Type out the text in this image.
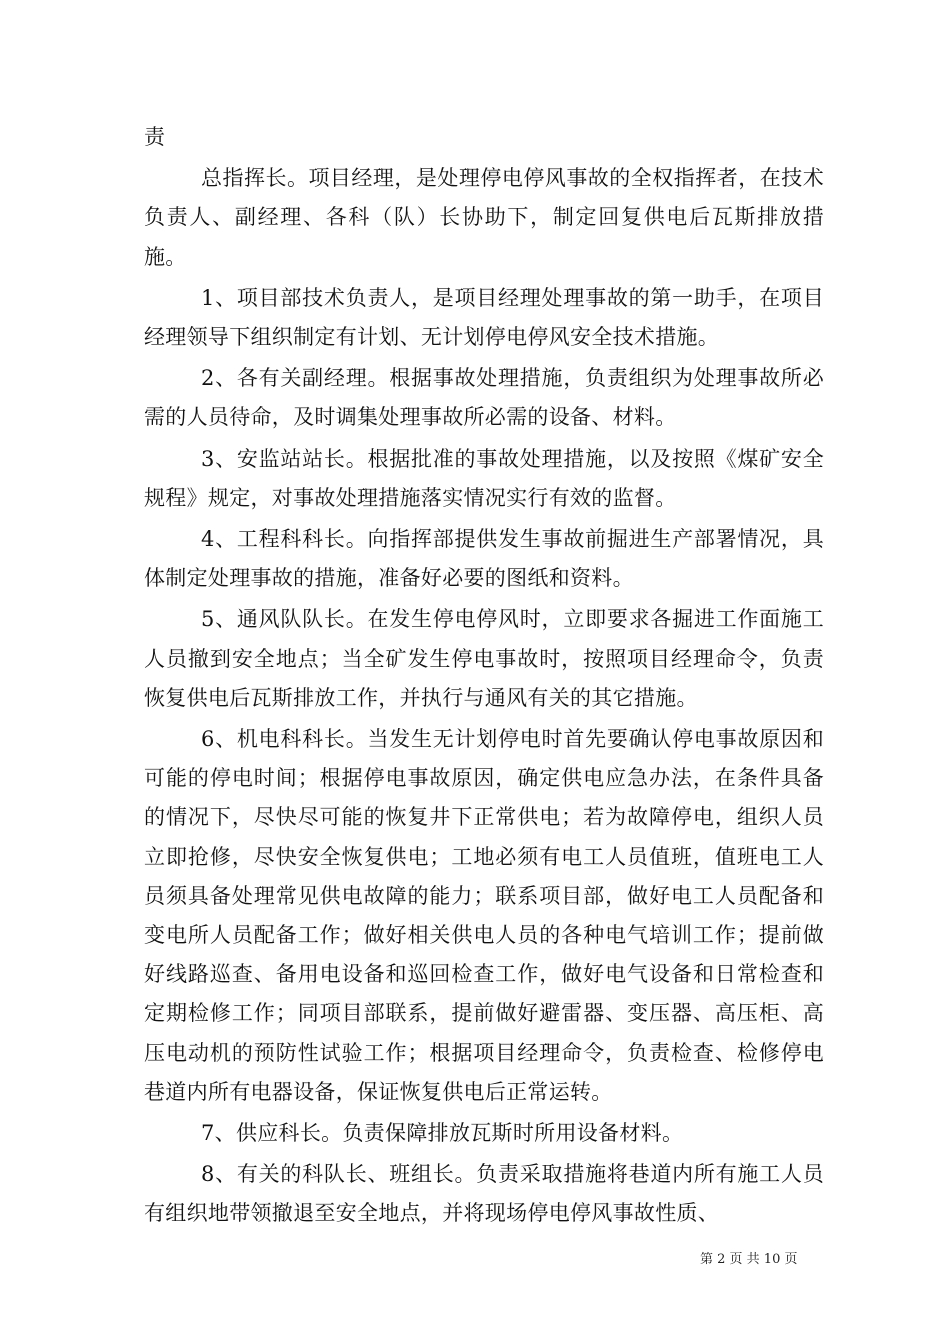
责

总指挥长。项目经理，是处理停电停风事故的全权指挥者，在技术负责人、副经理、各科（队）长协助下，制定回复供电后瓦斯排放措施。

1、项目部技术负责人，是项目经理处理事故的第一助手，在项目经理领导下组织制定有计划、无计划停电停风安全技术措施。

2、各有关副经理。根据事故处理措施，负责组织为处理事故所必需的人员待命，及时调集处理事故所必需的设备、材料。

3、安监站站长。根据批准的事故处理措施，以及按照《煤矿安全规程》规定，对事故处理措施落实情况实行有效的监督。

4、工程科科长。向指挥部提供发生事故前掘进生产部署情况，具体制定处理事故的措施，准备好必要的图纸和资料。

5、通风队队长。在发生停电停风时，立即要求各掘进工作面施工人员撤到安全地点；当全矿发生停电事故时，按照项目经理命令，负责恢复供电后瓦斯排放工作，并执行与通风有关的其它措施。

6、机电科科长。当发生无计划停电时首先要确认停电事故原因和可能的停电时间；根据停电事故原因，确定供电应急办法，在条件具备的情况下，尽快尽可能的恢复井下正常供电；若为故障停电，组织人员立即抢修，尽快安全恢复供电；工地必须有电工人员值班，值班电工人员须具备处理常见供电故障的能力；联系项目部，做好电工人员配备和变电所人员配备工作；做好相关供电人员的各种电气培训工作；提前做好线路巡查、备用电设备和巡回检查工作，做好电气设备和日常检查和定期检修工作；同项目部联系，提前做好避雷器、变压器、高压柜、高压电动机的预防性试验工作；根据项目经理命令，负责检查、检修停电巷道内所有电器设备，保证恢复供电后正常运转。

7、供应科长。负责保障排放瓦斯时所用设备材料。

8、有关的科队长、班组长。负责采取措施将巷道内所有施工人员有组织地带领撤退至安全地点，并将现场停电停风事故性质、

第 2 页 共 10 页
